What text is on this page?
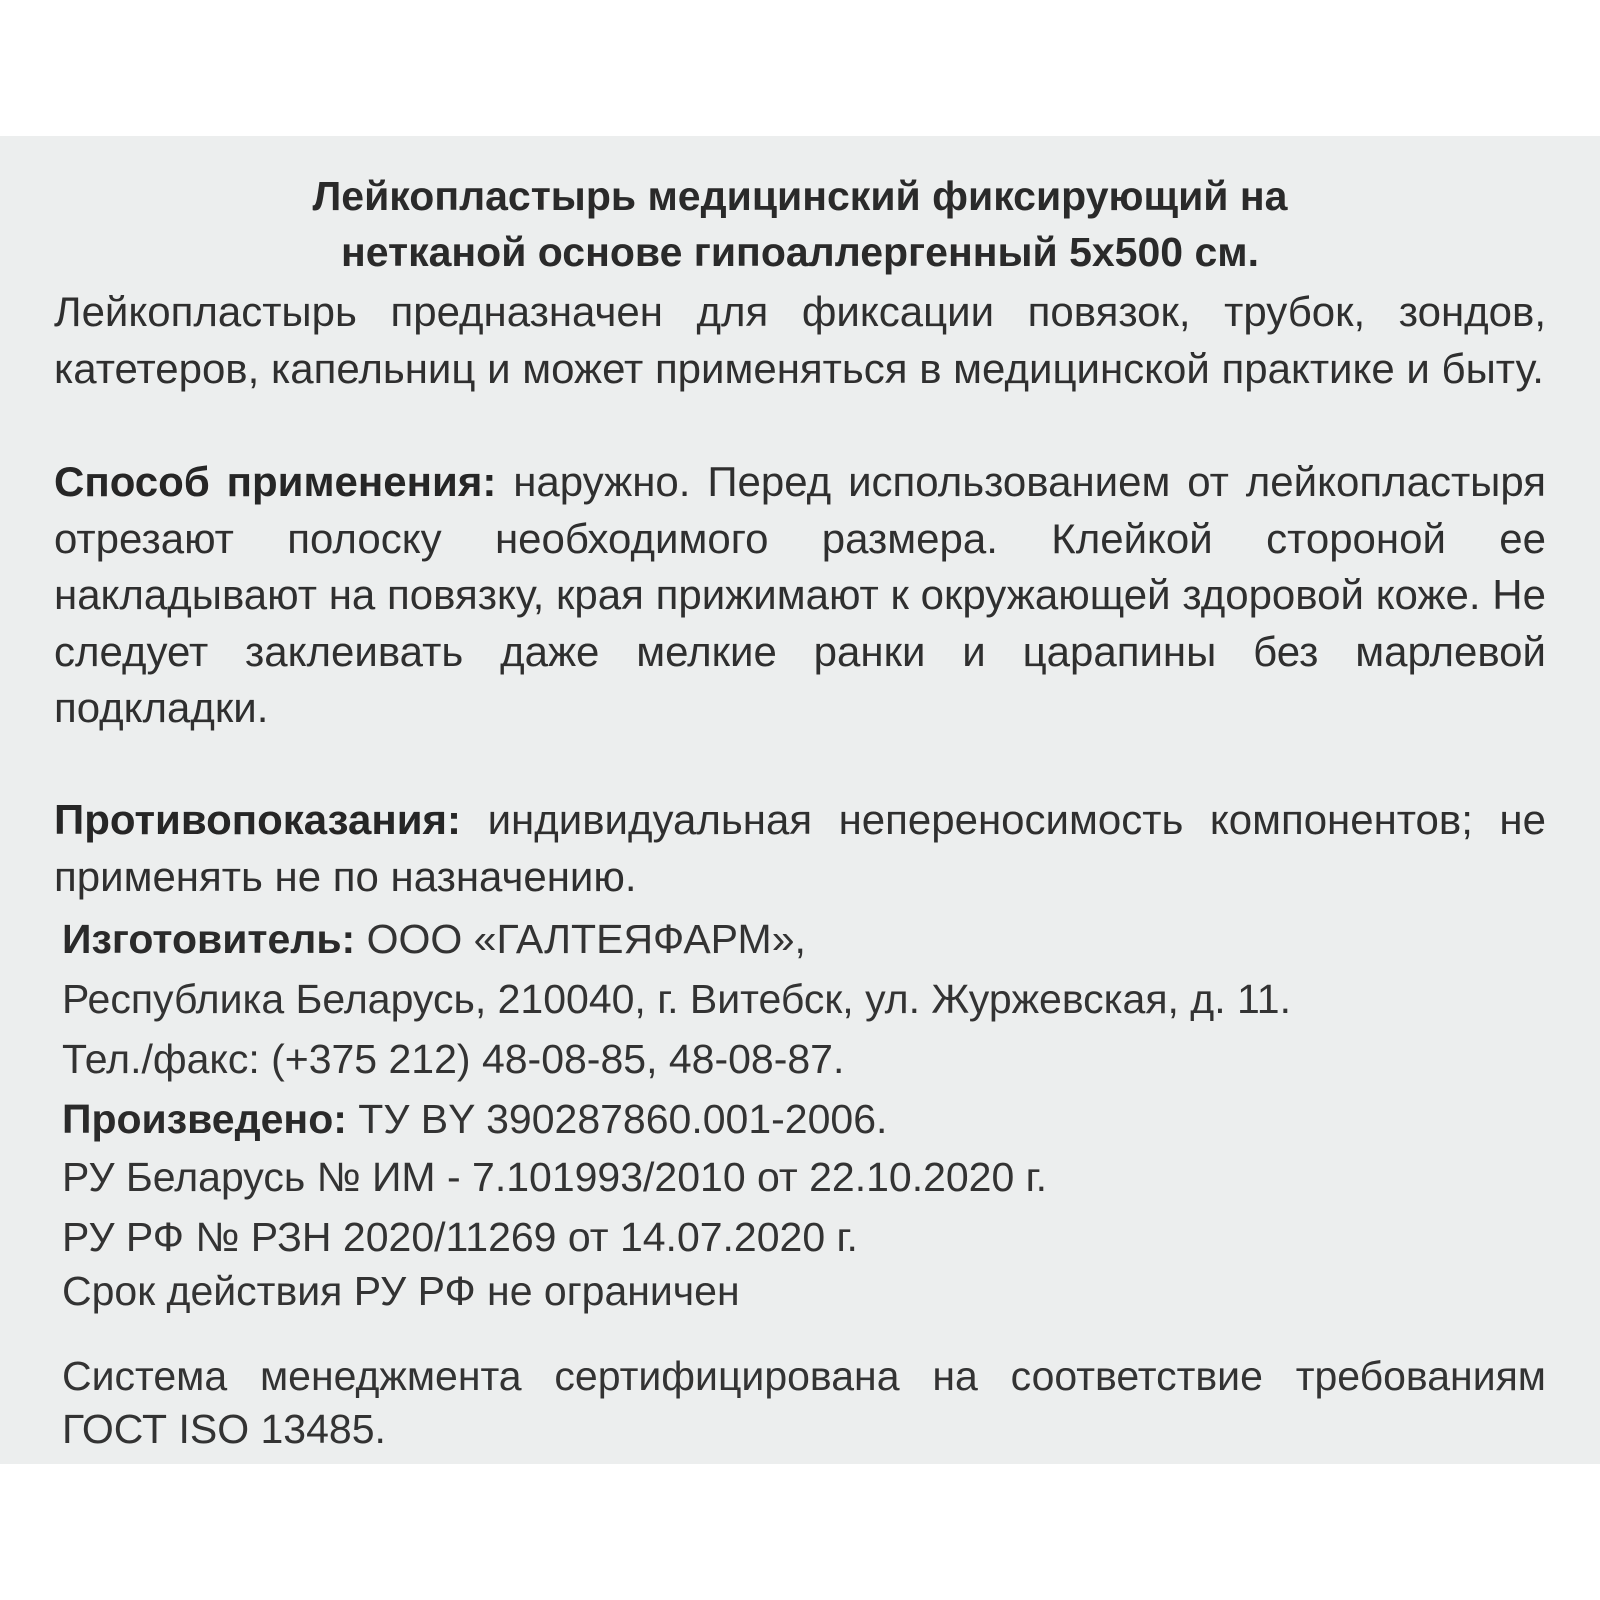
Лейкопластырь медицинский фиксирующий на
нетканой основе гипоаллергенный 5х500 см.
Лейкопластырь предназначен для фиксации повязок, трубок, зондов, катетеров, капельниц и может применяться в медицинской практике и быту.
Способ применения: наружно. Перед использованием от лейкопластыря отрезают полоску необходимого размера. Клейкой стороной ее накладывают на повязку, края прижимают к окружающей здоровой коже. Не следует заклеивать даже мелкие ранки и царапины без марлевой подкладки.
Противопоказания: индивидуальная непереносимость компонентов; не применять не по назначению.
Изготовитель: ООО «ГАЛТЕЯФАРМ»,
Республика Беларусь, 210040, г. Витебск, ул. Журжевская, д. 11.
Тел./факс: (+375 212) 48-08-85, 48-08-87.
Произведено: ТУ BY 390287860.001-2006.
РУ Беларусь № ИМ - 7.101993/2010 от 22.10.2020 г.
РУ РФ № РЗН 2020/11269 от 14.07.2020 г.
Срок действия РУ РФ не ограничен
Система менеджмента сертифицирована на соответствие требованиям ГОСТ ISO 13485.
